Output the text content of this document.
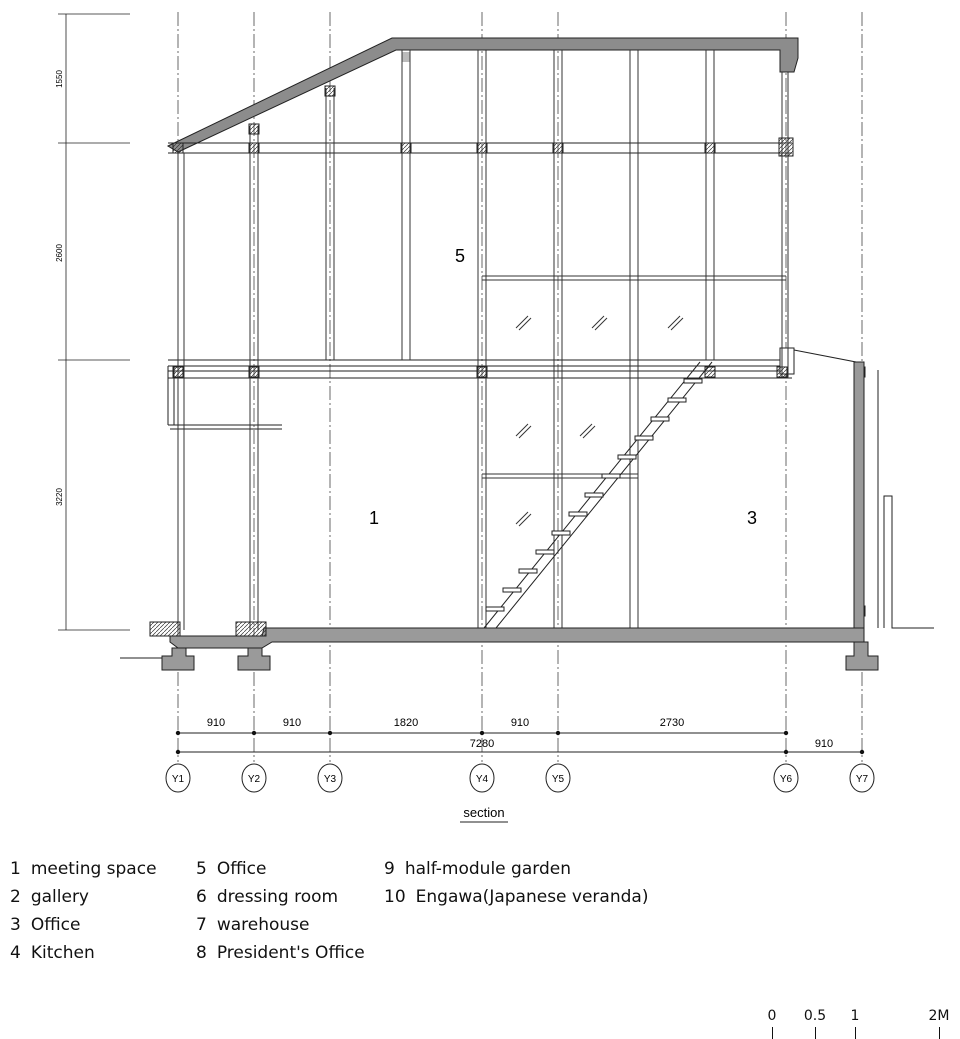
1550
2600
3220
5
1	3
910	910	1820	910	2730
7280	910
Y1	Y2	Y3	Y4	Y5	Y6	Y7
section
1 meeting space
2 gallery
3 Office
4 Kitchen
5 Office
6 dressing room
7 warehouse
8 President's Office
9 half-module garden
10 Engawa(Japanese veranda)
0 0.5 1	2M
